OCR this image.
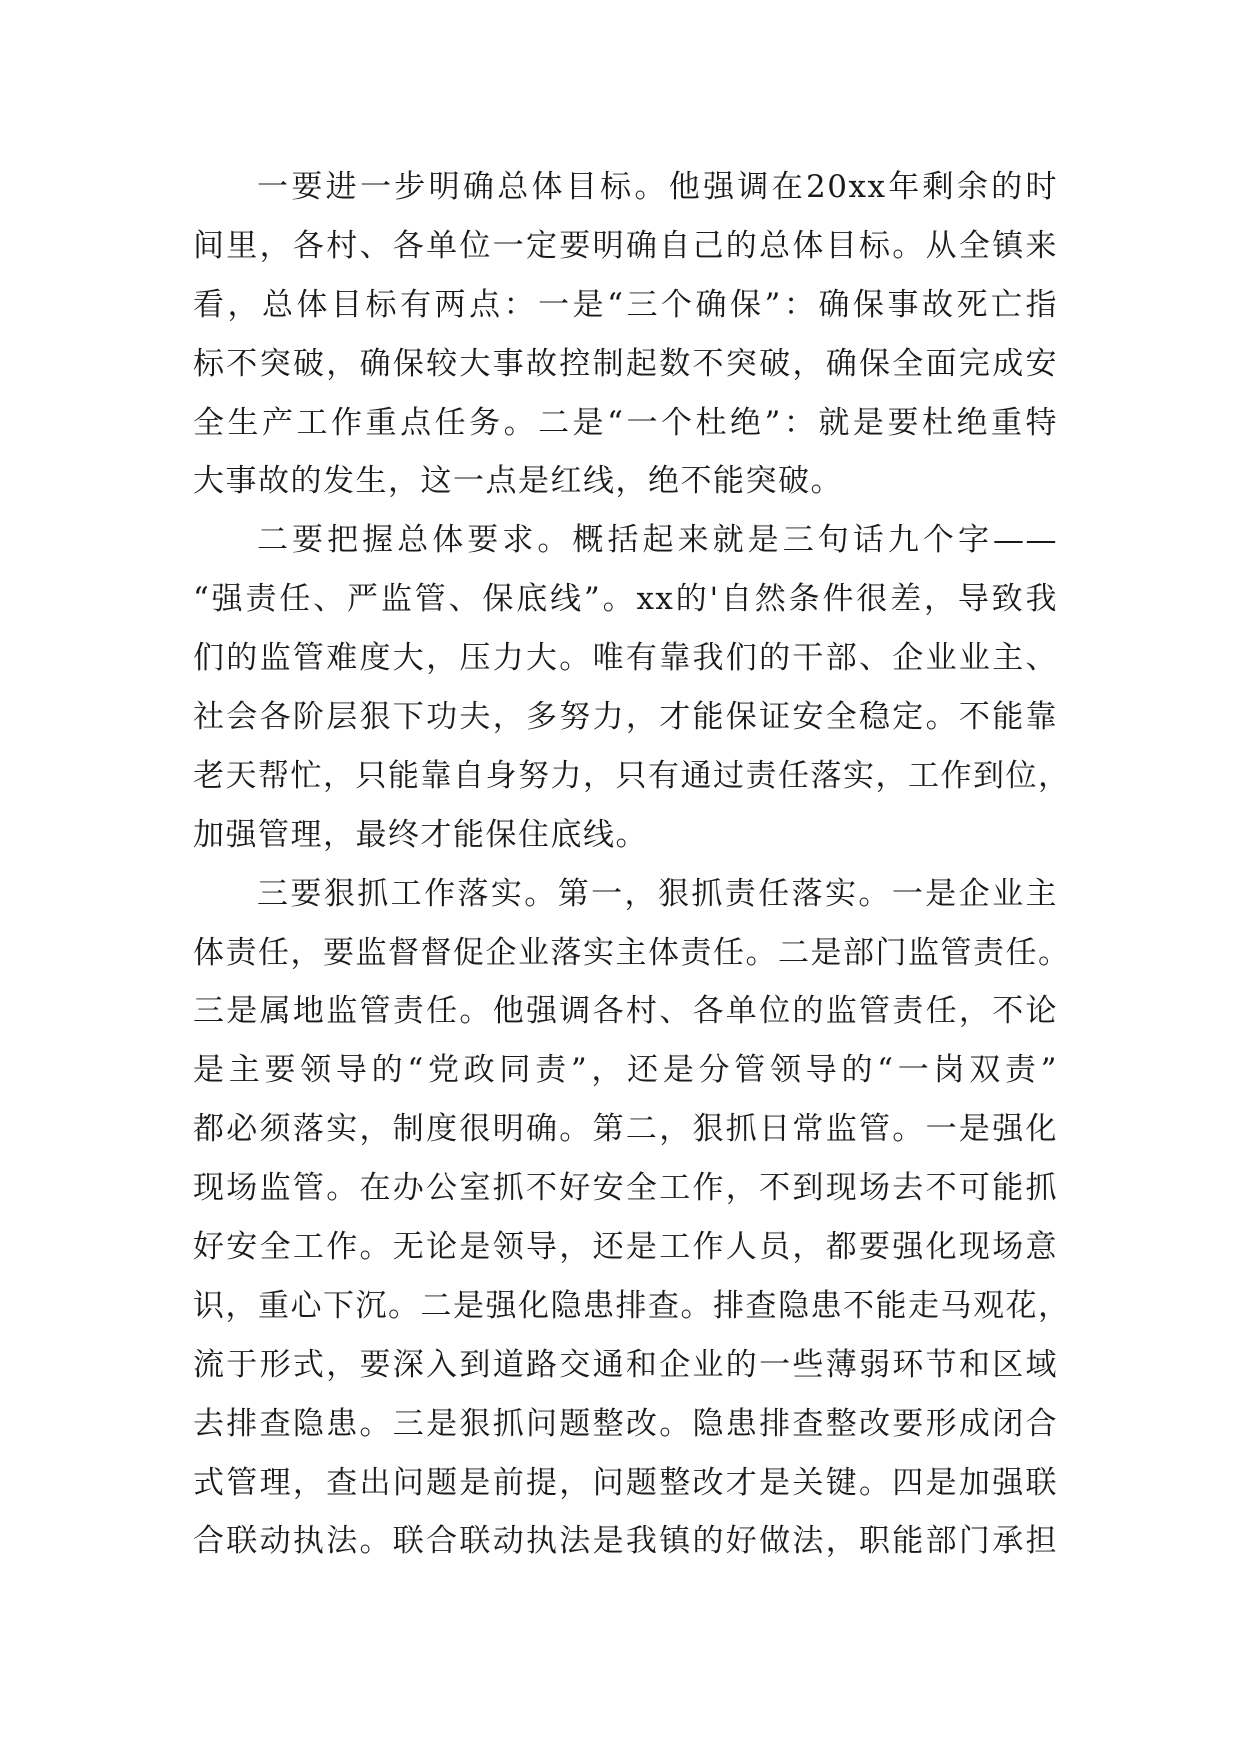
一要进一步明确总体目标。他强调在20xx年剩余的时
间里，各村、各单位一定要明确自己的总体目标。从全镇来
看，总体目标有两点：一是“三个确保”：确保事故死亡指
标不突破，确保较大事故控制起数不突破，确保全面完成安
全生产工作重点任务。二是“一个杜绝”：就是要杜绝重特
大事故的发生，这一点是红线，绝不能突破。
二要把握总体要求。概括起来就是三句话九个字——
“强责任、严监管、保底线”。xx的'自然条件很差，导致我
们的监管难度大，压力大。唯有靠我们的干部、企业业主、
社会各阶层狠下功夫，多努力，才能保证安全稳定。不能靠
老天帮忙，只能靠自身努力，只有通过责任落实，工作到位，
加强管理，最终才能保住底线。
三要狠抓工作落实。第一，狠抓责任落实。一是企业主
体责任，要监督督促企业落实主体责任。二是部门监管责任。
三是属地监管责任。他强调各村、各单位的监管责任，不论
是主要领导的“党政同责”，还是分管领导的“一岗双责”
都必须落实，制度很明确。第二，狠抓日常监管。一是强化
现场监管。在办公室抓不好安全工作，不到现场去不可能抓
好安全工作。无论是领导，还是工作人员，都要强化现场意
识，重心下沉。二是强化隐患排查。排查隐患不能走马观花，
流于形式，要深入到道路交通和企业的一些薄弱环节和区域
去排查隐患。三是狠抓问题整改。隐患排查整改要形成闭合
式管理，查出问题是前提，问题整改才是关键。四是加强联
合联动执法。联合联动执法是我镇的好做法，职能部门承担
